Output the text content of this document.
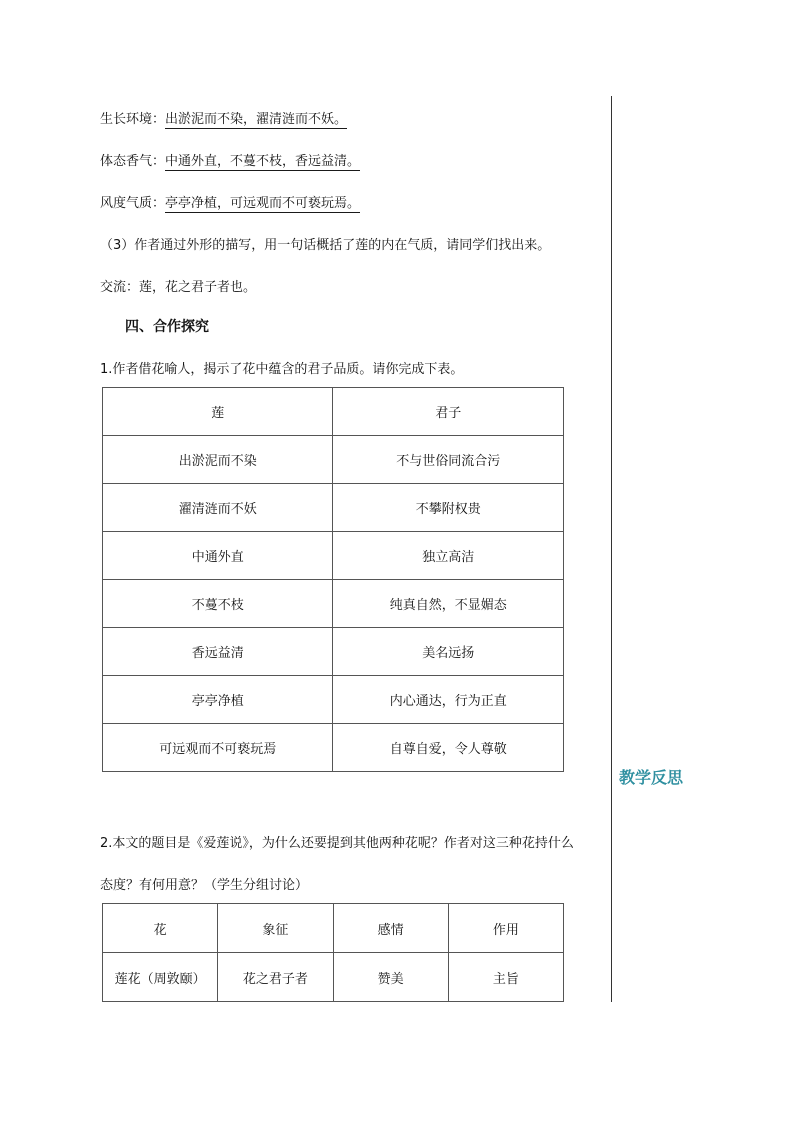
生长环境：出淤泥而不染，濯清涟而不妖。
体态香气：中通外直，不蔓不枝，香远益清。
风度气质：亭亭净植，可远观而不可亵玩焉。
（3）作者通过外形的描写，用一句话概括了莲的内在气质，请同学们找出来。
交流：莲，花之君子者也。
四、合作探究
1.作者借花喻人，揭示了花中蕴含的君子品质。请你完成下表。
莲	君子
出淤泥而不染	不与世俗同流合污
濯清涟而不妖	不攀附权贵
中通外直	独立高洁
不蔓不枝	纯真自然，不显媚态
香远益清	美名远扬
亭亭净植	内心通达，行为正直
可远观而不可亵玩焉	自尊自爱，令人尊敬
2.本文的题目是《爱莲说》，为什么还要提到其他两种花呢？作者对这三种花持什么
态度？有何用意？（学生分组讨论）
花	象征	感情	作用
莲花（周敦颐）	花之君子者	赞美	主旨
教学反思
